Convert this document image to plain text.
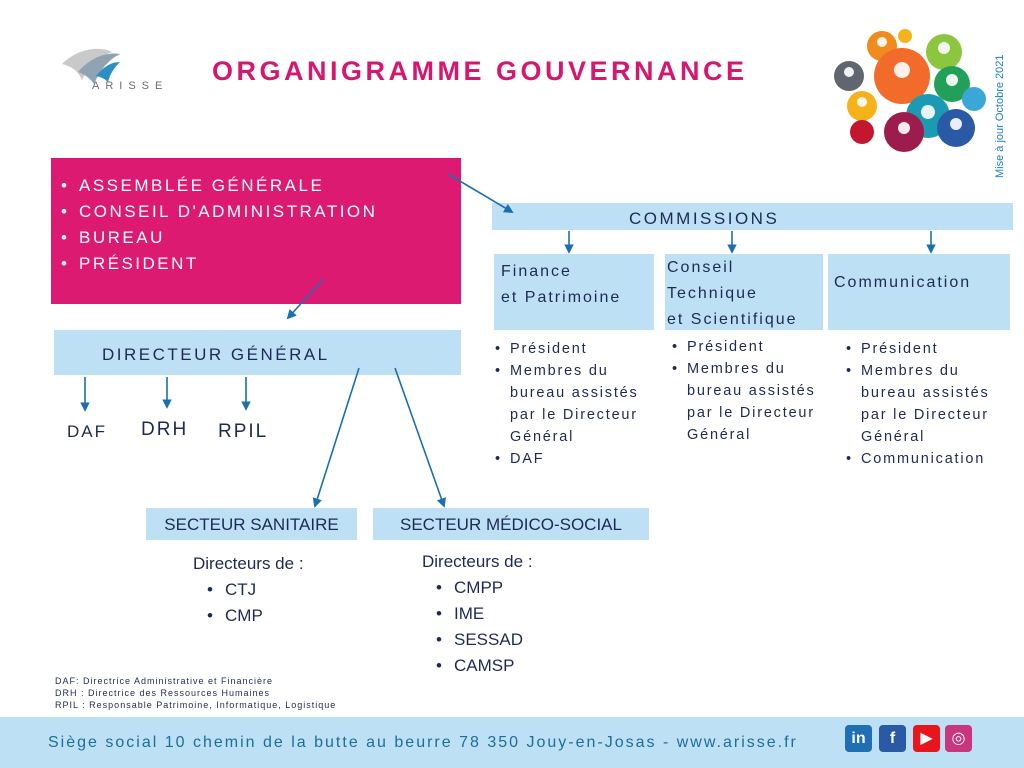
ARISSE ORGANIGRAMME GOUVERNANCE	Mise à jour Octobre 2021
• ASSEMBLÉE GÉNÉRALE
• CONSEIL D'ADMINISTRATION
• BUREAU
• PRÉSIDENT
DIRECTEUR GÉNÉRAL
DAF DRH RPIL
COMMISSIONS
Finance
et Patrimoine
Conseil
Technique
et Scientifique
Communication
• Président
• Membres du bureau assistés par le Directeur Général
• DAF
• Président
• Membres du bureau assistés par le Directeur Général
• Président
• Membres du bureau assistés par le Directeur Général
• Communication
SECTEUR SANITAIRE	SECTEUR MÉDICO-SOCIAL
Directeurs de :
• CTJ
• CMP
Directeurs de :
• CMPP
• IME
• SESSAD
• CAMSP
DAF: Directrice Administrative et Financière
DRH : Directrice des Ressources Humaines
RPIL : Responsable Patrimoine, Informatique, Logistique
Siège social 10 chemin de la butte au beurre 78 350 Jouy-en-Josas - www.arisse.fr	in	f	▶	◎
